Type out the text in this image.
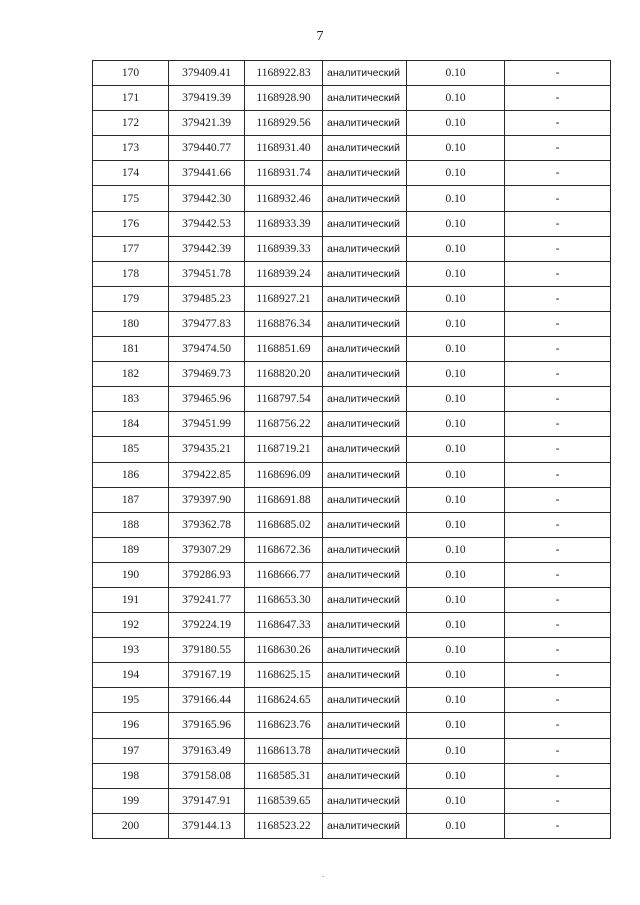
7
170	379409.41	1168922.83	аналитический	0.10	-
171	379419.39	1168928.90	аналитический	0.10	-
172	379421.39	1168929.56	аналитический	0.10	-
173	379440.77	1168931.40	аналитический	0.10	-
174	379441.66	1168931.74	аналитический	0.10	-
175	379442.30	1168932.46	аналитический	0.10	-
176	379442.53	1168933.39	аналитический	0.10	-
177	379442.39	1168939.33	аналитический	0.10	-
178	379451.78	1168939.24	аналитический	0.10	-
179	379485.23	1168927.21	аналитический	0.10	-
180	379477.83	1168876.34	аналитический	0.10	-
181	379474.50	1168851.69	аналитический	0.10	-
182	379469.73	1168820.20	аналитический	0.10	-
183	379465.96	1168797.54	аналитический	0.10	-
184	379451.99	1168756.22	аналитический	0.10	-
185	379435.21	1168719.21	аналитический	0.10	-
186	379422.85	1168696.09	аналитический	0.10	-
187	379397.90	1168691.88	аналитический	0.10	-
188	379362.78	1168685.02	аналитический	0.10	-
189	379307.29	1168672.36	аналитический	0.10	-
190	379286.93	1168666.77	аналитический	0.10	-
191	379241.77	1168653.30	аналитический	0.10	-
192	379224.19	1168647.33	аналитический	0.10	-
193	379180.55	1168630.26	аналитический	0.10	-
194	379167.19	1168625.15	аналитический	0.10	-
195	379166.44	1168624.65	аналитический	0.10	-
196	379165.96	1168623.76	аналитический	0.10	-
197	379163.49	1168613.78	аналитический	0.10	-
198	379158.08	1168585.31	аналитический	0.10	-
199	379147.91	1168539.65	аналитический	0.10	-
200	379144.13	1168523.22	аналитический	0.10	-
